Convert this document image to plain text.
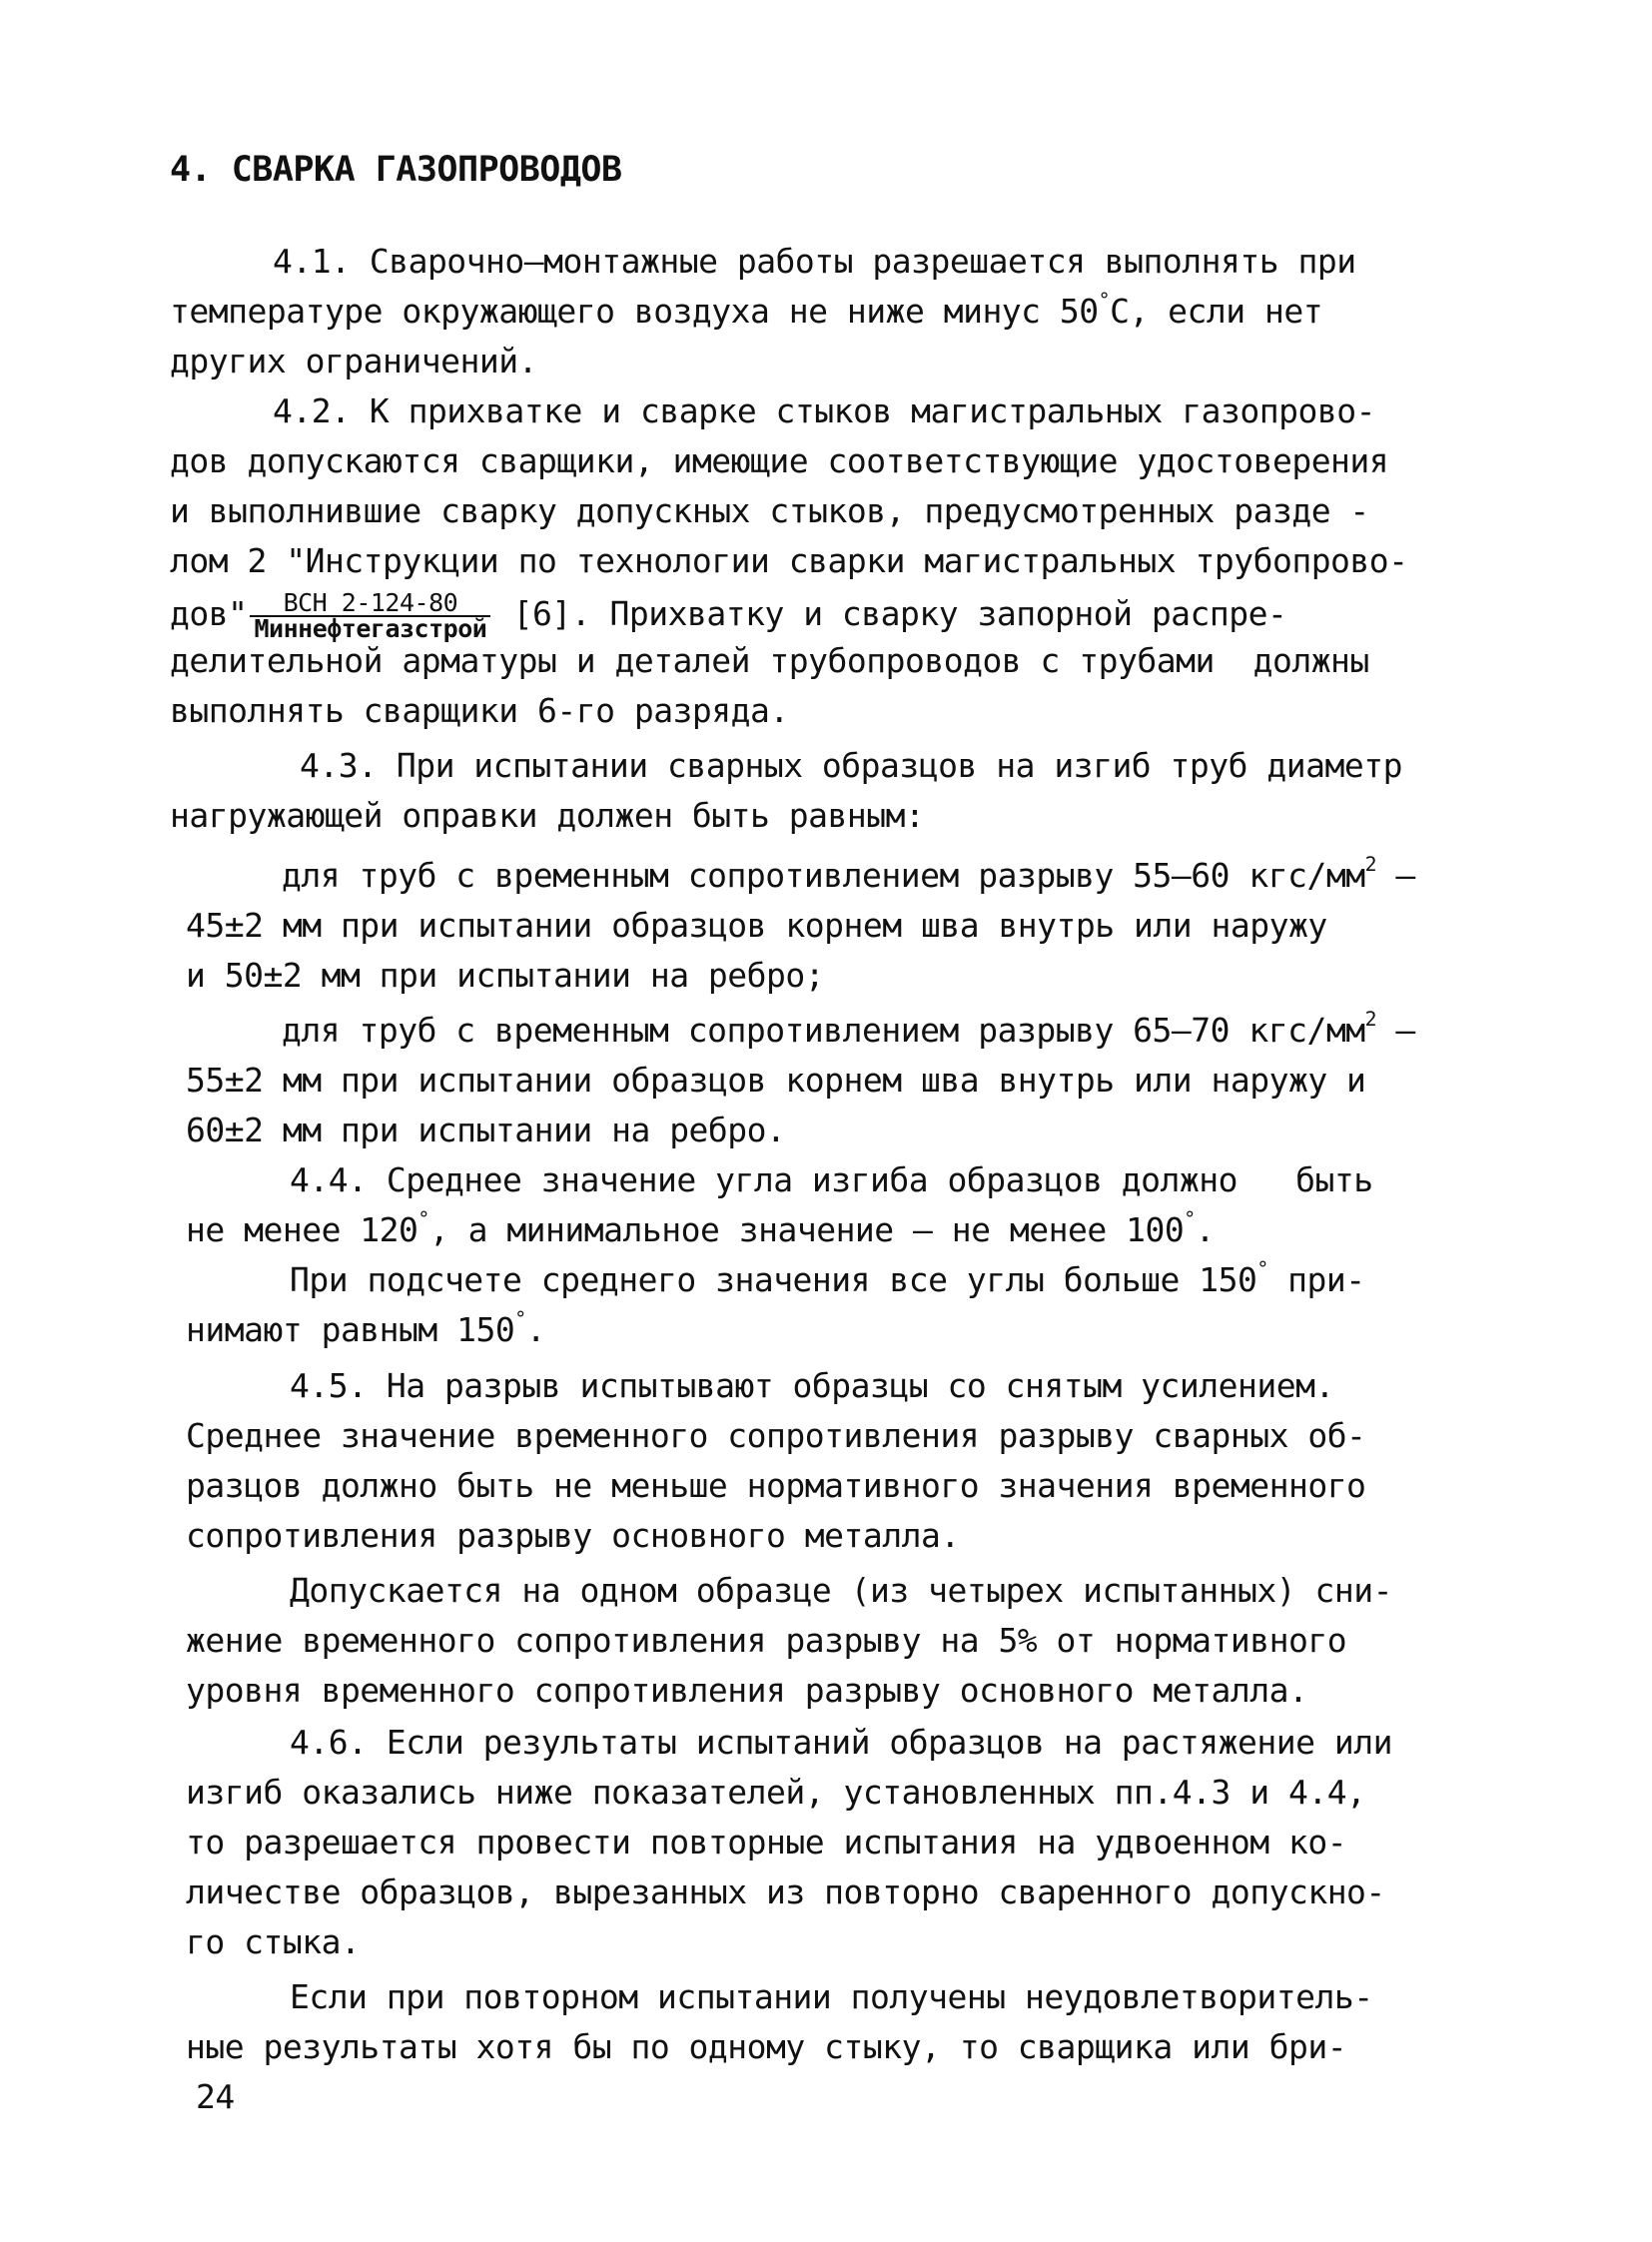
4. СВАРКА ГАЗОПРОВОДОВ
4.1. Сварочно–монтажные работы разрешается выполнять при
температуре окружающего воздуха не ниже минус 50°С, если нет
других ограничений.
4.2. К прихватке и сварке стыков магистральных газопрово-
дов допускаются сварщики, имеющие соответствующие удостоверения
и выполнившие сварку допускных стыков, предусмотренных разде -
лом 2 "Инструкции по технологии сварки магистральных трубопрово-
дов" $\frac{\text{ВСН 2-124-80}}{\text{Миннефтегазстрой}} [6]$. Прихватку и сварку запорной распре-
делительной арматуры и деталей трубопроводов с трубами  должны
выполнять сварщики 6-го разряда.
4.3. При испытании сварных образцов на изгиб труб диаметр
нагружающей оправки должен быть равным:
для труб с временным сопротивлением разрыву 55–60 кгс/$мм^2$ –
45±2 мм при испытании образцов корнем шва внутрь или наружу
и 50±2 мм при испытании на ребро;
для труб с временным сопротивлением разрыву 65–70 кгс/$мм^2$ –
55±2 мм при испытании образцов корнем шва внутрь или наружу и
60±2 мм при испытании на ребро.
4.4. Среднее значение угла изгиба образцов должно   быть
не менее 120°, а минимальное значение – не менее 100°.
При подсчете среднего значения все углы больше 150° при-
нимают равным 150°.
4.5. На разрыв испытывают образцы со снятым усилением.
Среднее значение временного сопротивления разрыву сварных об-
разцов должно быть не меньше нормативного значения временного
сопротивления разрыву основного металла.
Допускается на одном образце (из четырех испытанных) сни-
жение временного сопротивления разрыву на 5% от нормативного
уровня временного сопротивления разрыву основного металла.
4.6. Если результаты испытаний образцов на растяжение или
изгиб оказались ниже показателей, установленных пп.4.3 и 4.4,
то разрешается провести повторные испытания на удвоенном ко-
личестве образцов, вырезанных из повторно сваренного допускно-
го стыка.
Если при повторном испытании получены неудовлетворитель-
ные результаты хотя бы по одному стыку, то сварщика или бри-
24
